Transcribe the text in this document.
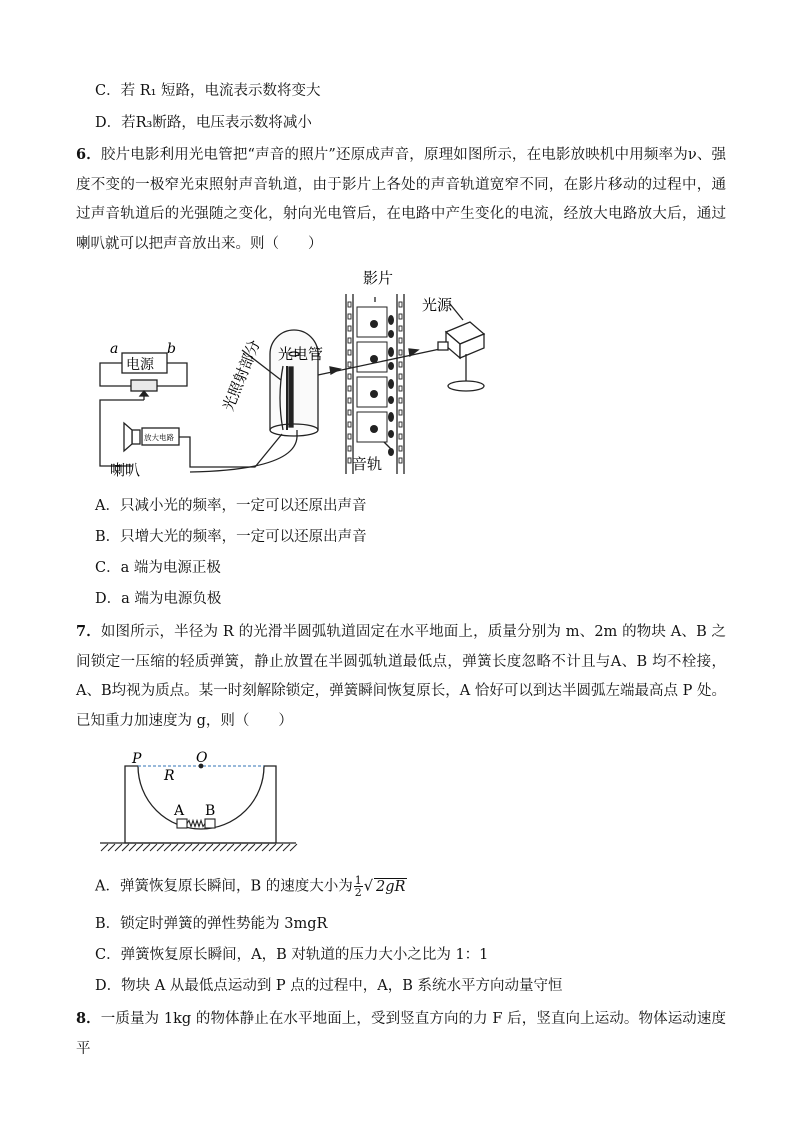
C．若 R₁ 短路，电流表示数将变大
D．若R₃断路，电压表示数将减小
6．胶片电影利用光电管把“声音的照片”还原成声音，原理如图所示，在电影放映机中用频率为ν、强度不变的一极窄光束照射声音轨道，由于影片上各处的声音轨道宽窄不同，在影片移动的过程中，通过声音轨道后的光强随之变化，射向光电管后，在电路中产生变化的电流，经放大电路放大后，通过喇叭就可以把声音放出来。则（　　）
a	b
电源
放大电路
喇叭
光照射部分 光电管
影片
光源
音轨
A．只减小光的频率，一定可以还原出声音
B．只增大光的频率，一定可以还原出声音
C．a 端为电源正极
D．a 端为电源负极
7．如图所示，半径为 R 的光滑半圆弧轨道固定在水平地面上，质量分别为 m、2m 的物块 A、B 之间锁定一压缩的轻质弹簧，静止放置在半圆弧轨道最低点，弹簧长度忽略不计且与A、B 均不栓接，A、B均视为质点。某一时刻解除锁定，弹簧瞬间恢复原长，A 恰好可以到达半圆弧左端最高点 P 处。已知重力加速度为 g，则（　　）
P	O
R
A B
A．弹簧恢复原长瞬间，B 的速度大小为 $\frac{1}{2}$ √ 2gR
B．锁定时弹簧的弹性势能为 3mgR
C．弹簧恢复原长瞬间，A，B 对轨道的压力大小之比为 1：1
D．物块 A 从最低点运动到 P 点的过程中，A，B 系统水平方向动量守恒
8．一质量为 1kg 的物体静止在水平地面上，受到竖直方向的力 F 后，竖直向上运动。物体运动速度平
